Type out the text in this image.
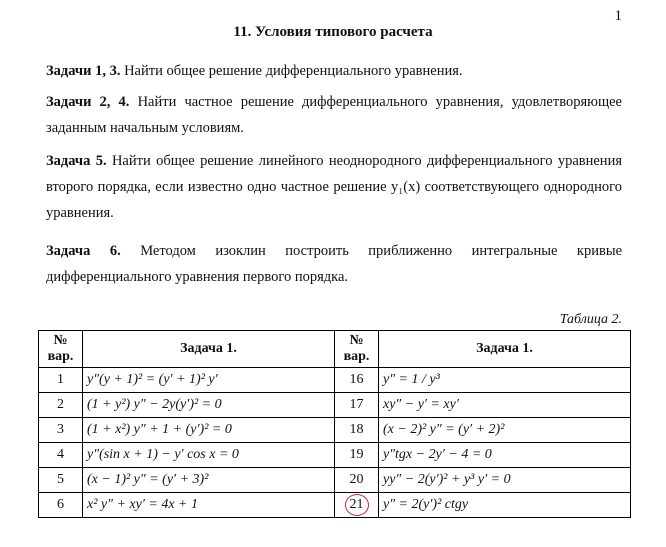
1
11. Условия типового расчета
Задачи 1, 3. Найти общее решение дифференциального уравнения.
Задачи 2, 4. Найти частное решение дифференциального уравнения, удовлетворяющее заданным начальным условиям.
Задача 5. Найти общее решение линейного неоднородного дифференциального уравнения второго порядка, если известно одно частное решение y₁(x) соответствующего однородного уравнения.
Задача 6. Методом изоклин построить приближенно интегральные кривые дифференциального уравнения первого порядка.
Таблица 2.
№ вар.	Задача 1.	№ вар.	Задача 1.
1	y″(y + 1)² = (y′ + 1)² y′	16	y″ = 1 / y³
2	(1 + y²) y″ − 2y(y′)² = 0	17	xy″ − y′ = xy′
3	(1 + x²) y″ + 1 + (y′)² = 0	18	(x − 2)² y″ = (y′ + 2)²
4	y″(sin x + 1) − y′ cos x = 0	19	y″tgx − 2y′ − 4 = 0
5	(x − 1)² y″ = (y′ + 3)²	20	yy″ − 2(y′)² + y³ y′ = 0
6	x² y″ + xy′ = 4x + 1	21	y″ = 2(y′)² ctgy
